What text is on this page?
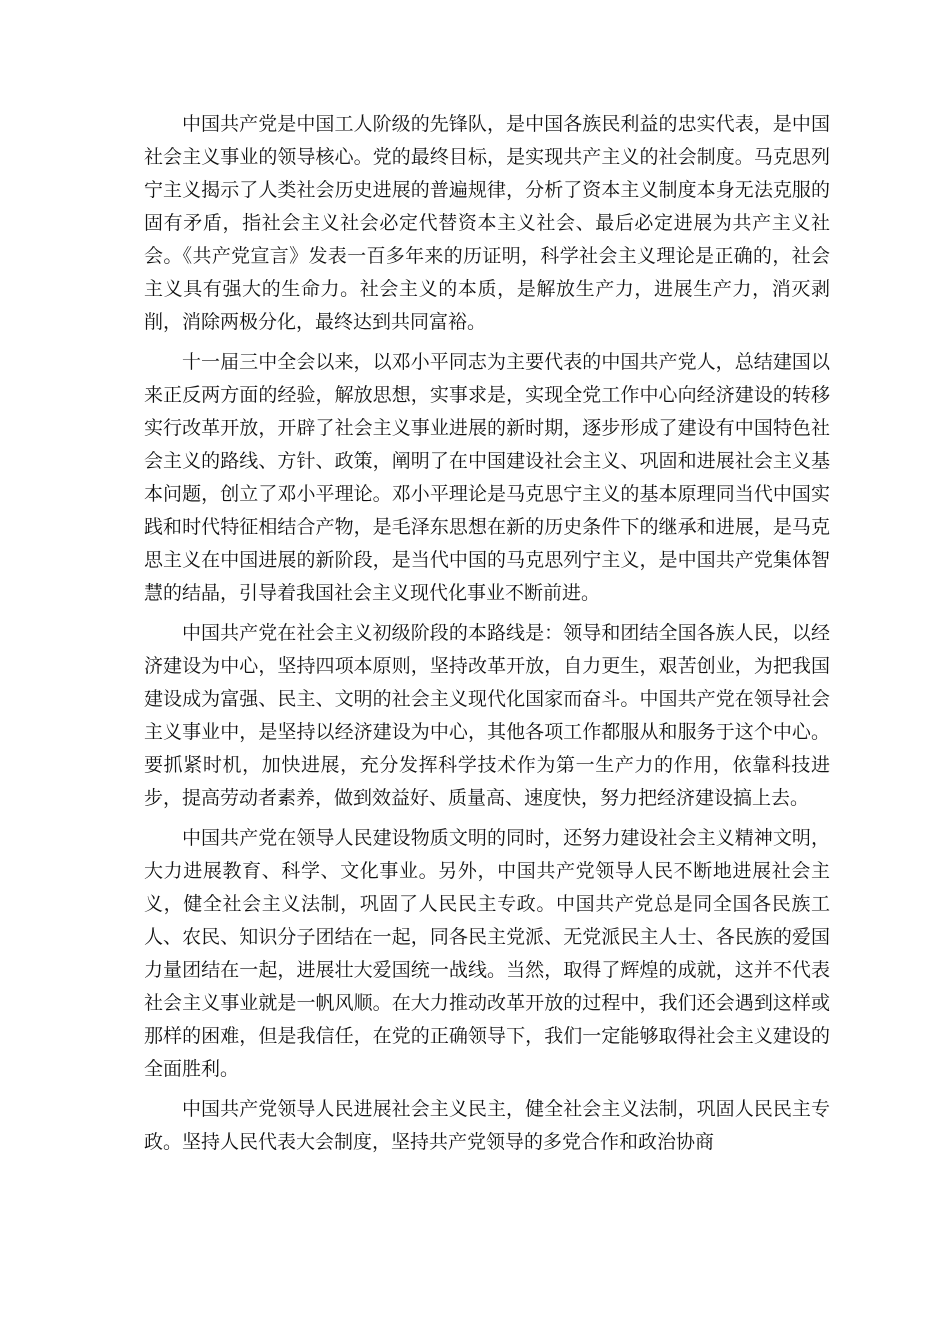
中国共产党是中国工人阶级的先锋队，是中国各族民利益的忠实代表，是中国社会主义事业的领导核心。党的最终目标，是实现共产主义的社会制度。马克思列宁主义揭示了人类社会历史进展的普遍规律，分析了资本主义制度本身无法克服的固有矛盾，指社会主义社会必定代替资本主义社会、最后必定进展为共产主义社会。《共产党宣言》发表一百多年来的历证明，科学社会主义理论是正确的，社会主义具有强大的生命力。社会主义的本质，是解放生产力，进展生产力，消灭剥削，消除两极分化，最终达到共同富裕。

十一届三中全会以来，以邓小平同志为主要代表的中国共产党人，总结建国以来正反两方面的经验，解放思想，实事求是，实现全党工作中心向经济建设的转移实行改革开放，开辟了社会主义事业进展的新时期，逐步形成了建设有中国特色社会主义的路线、方针、政策，阐明了在中国建设社会主义、巩固和进展社会主义基本问题，创立了邓小平理论。邓小平理论是马克思宁主义的基本原理同当代中国实践和时代特征相结合产物，是毛泽东思想在新的历史条件下的继承和进展，是马克思主义在中国进展的新阶段，是当代中国的马克思列宁主义，是中国共产党集体智慧的结晶，引导着我国社会主义现代化事业不断前进。

中国共产党在社会主义初级阶段的本路线是：领导和团结全国各族人民，以经济建设为中心，坚持四项本原则，坚持改革开放，自力更生，艰苦创业，为把我国建设成为富强、民主、文明的社会主义现代化国家而奋斗。中国共产党在领导社会主义事业中，是坚持以经济建设为中心，其他各项工作都服从和服务于这个中心。要抓紧时机，加快进展，充分发挥科学技术作为第一生产力的作用，依靠科技进步，提高劳动者素养，做到效益好、质量高、速度快，努力把经济建设搞上去。

中国共产党在领导人民建设物质文明的同时，还努力建设社会主义精神文明，大力进展教育、科学、文化事业。另外，中国共产党领导人民不断地进展社会主义，健全社会主义法制，巩固了人民民主专政。中国共产党总是同全国各民族工人、农民、知识分子团结在一起，同各民主党派、无党派民主人士、各民族的爱国力量团结在一起，进展壮大爱国统一战线。当然，取得了辉煌的成就，这并不代表社会主义事业就是一帆风顺。在大力推动改革开放的过程中，我们还会遇到这样或那样的困难，但是我信任，在党的正确领导下，我们一定能够取得社会主义建设的全面胜利。

中国共产党领导人民进展社会主义民主，健全社会主义法制，巩固人民民主专政。坚持人民代表大会制度，坚持共产党领导的多党合作和政治协商
